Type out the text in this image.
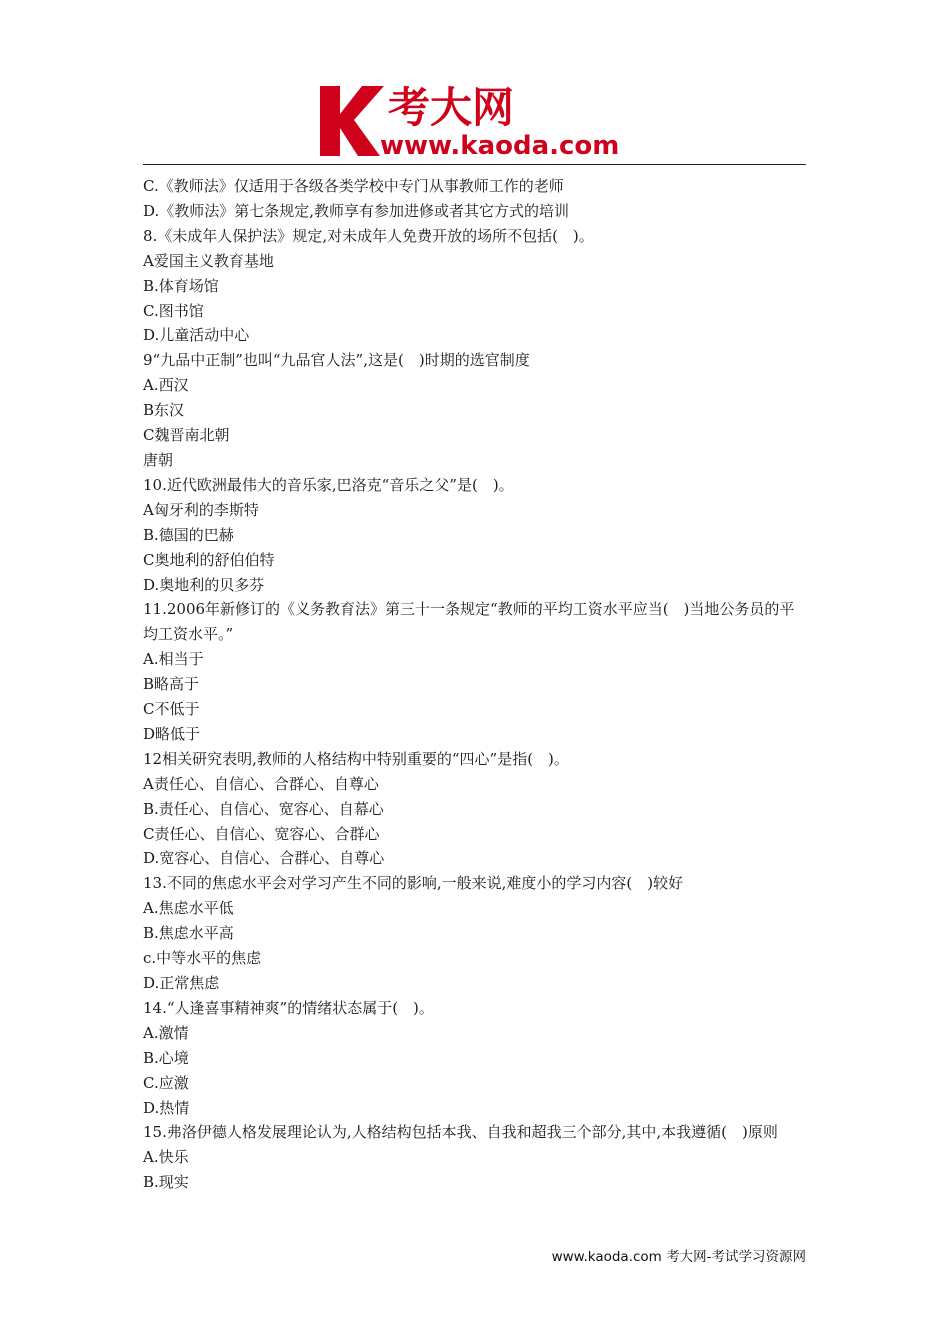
考大网
www.kaoda.com
C.《教师法》仅适用于各级各类学校中专门从事教师工作的老师
D.《教师法》第七条规定,教师享有参加进修或者其它方式的培训
8.《未成年人保护法》规定,对未成年人免费开放的场所不包括(　)。
A爱国主义教育基地
B.体育场馆
C.图书馆
D.儿童活动中心
9“九品中正制”也叫“九品官人法”,这是(　)时期的选官制度
A.西汉
B东汉
C魏晋南北朝
唐朝
10.近代欧洲最伟大的音乐家,巴洛克“音乐之父”是(　)。
A匈牙利的李斯特
B.德国的巴赫
C奥地利的舒伯伯特
D.奥地利的贝多芬
11.2006年新修订的《义务教育法》第三十一条规定“教师的平均工资水平应当(　)当地公务员的平均工资水平。”
A.相当于
B略高于
C不低于
D略低于
12相关研究表明,教师的人格结构中特别重要的“四心”是指(　)。
A责任心、自信心、合群心、自尊心
B.责任心、自信心、宽容心、自幕心
C责任心、自信心、宽容心、合群心
D.宽容心、自信心、合群心、自尊心
13.不同的焦虑水平会对学习产生不同的影响,一般来说,难度小的学习内容(　)较好
A.焦虑水平低
B.焦虑水平高
c.中等水平的焦虑
D.正常焦虑
14.“人逢喜事精神爽”的情绪状态属于(　)。
A.激情
B.心境
C.应激
D.热情
15.弗洛伊德人格发展理论认为,人格结构包括本我、自我和超我三个部分,其中,本我遵循(　)原则
A.快乐
B.现实
www.kaoda.com 考大网-考试学习资源网
